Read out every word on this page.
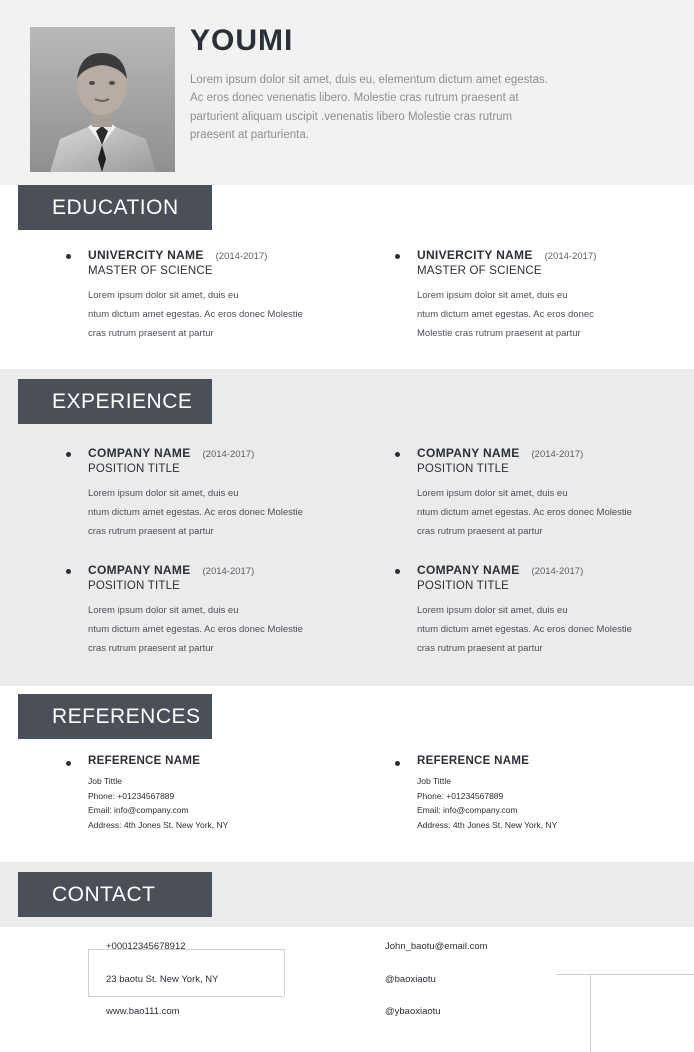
YOUMI
Lorem ipsum dolor sit amet, duis eu, elementum dictum amet egestas. Ac eros donec venenatis libero. Molestie cras rutrum praesent at parturient aliquam uscipit .venenatis libero Molestie cras rutrum praesent at parturienta.
EDUCATION
UNIVERCITY NAME (2014-2017)
MASTER OF SCIENCE
Lorem ipsum dolor sit amet, duis eu
ntum dictum amet egestas. Ac eros donec Molestie
cras rutrum praesent at partur
UNIVERCITY NAME (2014-2017)
MASTER OF SCIENCE
Lorem ipsum dolor sit amet, duis eu
ntum dictum amet egestas. Ac eros donec
Molestie cras rutrum praesent at partur
EXPERIENCE
COMPANY NAME (2014-2017)
POSITION TITLE
Lorem ipsum dolor sit amet, duis eu
ntum dictum amet egestas. Ac eros donec Molestie
cras rutrum praesent at partur
COMPANY NAME (2014-2017)
POSITION TITLE
Lorem ipsum dolor sit amet, duis eu
ntum dictum amet egestas. Ac eros donec Molestie
cras rutrum praesent at partur
COMPANY NAME (2014-2017)
POSITION TITLE
Lorem ipsum dolor sit amet, duis eu
ntum dictum amet egestas. Ac eros donec Molestie
cras rutrum praesent at partur
COMPANY NAME (2014-2017)
POSITION TITLE
Lorem ipsum dolor sit amet, duis eu
ntum dictum amet egestas. Ac eros donec Molestie
cras rutrum praesent at partur
REFERENCES
REFERENCE NAME
Job Tittle
Phone: +01234567889
Email: info@company.com
Address: 4th Jones St. New York, NY
REFERENCE NAME
Job Tittle
Phone: +01234567889
Email: info@company.com
Address: 4th Jones St. New York, NY
CONTACT
+00012345678912
23 baotu St. New York, NY
www.bao111.com
John_baotu@email.com
@baoxiaotu
@ybaoxiaotu
